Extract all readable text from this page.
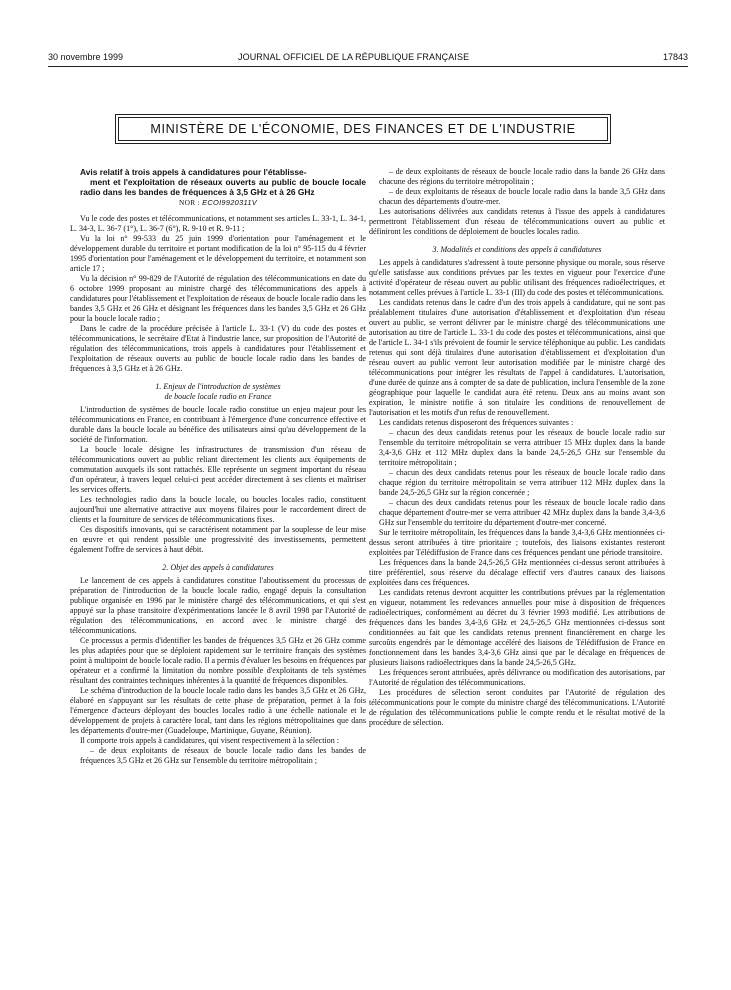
30 novembre 1999	JOURNAL OFFICIEL DE LA RÉPUBLIQUE FRANÇAISE	17843
MINISTÈRE DE L'ÉCONOMIE, DES FINANCES ET DE L'INDUSTRIE

Avis relatif à trois appels à candidatures pour l'établisse-
ment et l'exploitation de réseaux ouverts au public de boucle locale radio dans les bandes de fréquences à 3,5 GHz et à 26 GHz

NOR : ECOI9920311V

Vu le code des postes et télécommunications, et notamment ses articles L. 33-1, L. 34-1, L. 34-3, L. 36-7 (1°), L. 36-7 (6°), R. 9-10 et R. 9-11 ;

Vu la loi n° 99-533 du 25 juin 1999 d'orientation pour l'aménagement et le développement durable du territoire et portant modification de la loi n° 95-115 du 4 février 1995 d'orientation pour l'aménagement et le développement du territoire, et notamment son article 17 ;

Vu la décision n° 99-829 de l'Autorité de régulation des télécommunications en date du 6 octobre 1999 proposant au ministre chargé des télécommunications des appels à candidatures pour l'établissement et l'exploitation de réseaux de boucle locale radio dans les bandes 3,5 GHz et 26 GHz et désignant les fréquences dans les bandes 3,5 GHz et 26 GHz pour la boucle locale radio ;

Dans le cadre de la procédure précisée à l'article L. 33-1 (V) du code des postes et télécommunications, le secrétaire d'Etat à l'industrie lance, sur proposition de l'Autorité de régulation des télécommunications, trois appels à candidatures pour l'établissement et l'exploitation de réseaux ouverts au public de boucle locale radio dans les bandes de fréquences à 3,5 GHz et à 26 GHz.

1. Enjeux de l'introduction de systèmes
de boucle locale radio en France

L'introduction de systèmes de boucle locale radio constitue un enjeu majeur pour les télécommunications en France, en contribuant à l'émergence d'une concurrence effective et durable dans la boucle locale au bénéfice des utilisateurs ainsi qu'au développement de la société de l'information.

La boucle locale désigne les infrastructures de transmission d'un réseau de télécommunications ouvert au public reliant directement les clients aux équipements de commutation auxquels ils sont rattachés. Elle représente un segment important du réseau d'un opérateur, à travers lequel celui-ci peut accéder directement à ses clients et maîtriser les services offerts.

Les technologies radio dans la boucle locale, ou boucles locales radio, constituent aujourd'hui une alternative attractive aux moyens filaires pour le raccordement direct de clients et la fourniture de services de télécommunications fixes.

Ces dispositifs innovants, qui se caractérisent notamment par la souplesse de leur mise en œuvre et qui rendent possible une progressivité des investissements, permettent également l'offre de services à haut débit.

2. Objet des appels à candidatures

Le lancement de ces appels à candidatures constitue l'aboutissement du processus de préparation de l'introduction de la boucle locale radio, engagé depuis la consultation publique organisée en 1996 par le ministère chargé des télécommunications, et qui s'est appuyé sur la phase transitoire d'expérimentations lancée le 8 avril 1998 par l'Autorité de régulation des télécommunications, en accord avec le ministre chargé des télécommunications.

Ce processus a permis d'identifier les bandes de fréquences 3,5 GHz et 26 GHz comme les plus adaptées pour que se déploient rapidement sur le territoire français des systèmes point à multipoint de boucle locale radio. Il a permis d'évaluer les besoins en fréquences par opérateur et a confirmé la limitation du nombre possible d'exploitants de tels systèmes résultant des contraintes techniques inhérentes à la quantité de fréquences disponibles.

Le schéma d'introduction de la boucle locale radio dans les bandes 3,5 GHz et 26 GHz, élaboré en s'appuyant sur les résultats de cette phase de préparation, permet à la fois l'émergence d'acteurs déployant des boucles locales radio à une échelle nationale et le développement de projets à caractère local, tant dans les régions métropolitaines que dans les départements d'outre-mer (Guadeloupe, Martinique, Guyane, Réunion).

Il comporte trois appels à candidatures, qui visent respectivement à la sélection :

– de deux exploitants de réseaux de boucle locale radio dans les bandes de fréquences 3,5 GHz et 26 GHz sur l'ensemble du territoire métropolitain ;

– de deux exploitants de réseaux de boucle locale radio dans la bande 26 GHz dans chacune des régions du territoire métropolitain ;

– de deux exploitants de réseaux de boucle locale radio dans la bande 3,5 GHz dans chacun des départements d'outre-mer.

Les autorisations délivrées aux candidats retenus à l'issue des appels à candidatures permettront l'établissement d'un réseau de télécommunications ouvert au public et définiront les conditions de déploiement de boucles locales radio.

3. Modalités et conditions des appels à candidatures

Les appels à candidatures s'adressent à toute personne physique ou morale, sous réserve qu'elle satisfasse aux conditions prévues par les textes en vigueur pour l'exercice d'une activité d'opérateur de réseau ouvert au public utilisant des fréquences radioélectriques, et notamment celles prévues à l'article L. 33-1 (III) du code des postes et télécommunications.

Les candidats retenus dans le cadre d'un des trois appels à candidature, qui ne sont pas préalablement titulaires d'une autorisation d'établissement et d'exploitation d'un réseau ouvert au public, se verront délivrer par le ministre chargé des télécommunications une autorisation au titre de l'article L. 33-1 du code des postes et télécommunications, ainsi que de l'article L. 34-1 s'ils prévoient de fournir le service téléphonique au public. Les candidats retenus qui sont déjà titulaires d'une autorisation d'établissement et d'exploitation d'un réseau ouvert au public verront leur autorisation modifiée par le ministre chargé des télécommunications pour intégrer les résultats de l'appel à candidatures. L'autorisation, d'une durée de quinze ans à compter de sa date de publication, inclura l'ensemble de la zone géographique pour laquelle le candidat aura été retenu. Deux ans au moins avant son expiration, le ministre notifie à son titulaire les conditions de renouvellement de l'autorisation et les motifs d'un refus de renouvellement.

Les candidats retenus disposeront des fréquences suivantes :

– chacun des deux candidats retenus pour les réseaux de boucle locale radio sur l'ensemble du territoire métropolitain se verra attribuer 15 MHz duplex dans la bande 3,4-3,6 GHz et 112 MHz duplex dans la bande 24,5-26,5 GHz sur l'ensemble du territoire métropolitain ;

– chacun des deux candidats retenus pour les réseaux de boucle locale radio dans chaque région du territoire métropolitain se verra attribuer 112 MHz duplex dans la bande 24,5-26,5 GHz sur la région concernée ;

– chacun des deux candidats retenus pour les réseaux de boucle locale radio dans chaque département d'outre-mer se verra attribuer 42 MHz duplex dans la bande 3,4-3,6 GHz sur l'ensemble du territoire du département d'outre-mer concerné.

Sur le territoire métropolitain, les fréquences dans la bande 3,4-3,6 GHz mentionnées ci-dessus seront attribuées à titre prioritaire ; toutefois, des liaisons existantes resteront exploitées par Télédiffusion de France dans ces fréquences pendant une période transitoire.

Les fréquences dans la bande 24,5-26,5 GHz mentionnées ci-dessus seront attribuées à titre préférentiel, sous réserve du décalage effectif vers d'autres canaux des liaisons exploitées dans ces fréquences.

Les candidats retenus devront acquitter les contributions prévues par la réglementation en vigueur, notamment les redevances annuelles pour mise à disposition de fréquences radioélectriques, conformément au décret du 3 février 1993 modifié. Les attributions de fréquences dans les bandes 3,4-3,6 GHz et 24,5-26,5 GHz mentionnées ci-dessus sont conditionnées au fait que les candidats retenus prennent financièrement en charge les surcoûts engendrés par le démontage accéléré des liaisons de Télédiffusion de France en fonctionnement dans les bandes 3,4-3,6 GHz ainsi que par le décalage en fréquences de plusieurs liaisons radioélectriques dans la bande 24,5-26,5 GHz.

Les fréquences seront attribuées, après délivrance ou modification des autorisations, par l'Autorité de régulation des télécommunications.

Les procédures de sélection seront conduites par l'Autorité de régulation des télécommunications pour le compte du ministre chargé des télécommunications. L'Autorité de régulation des télécommunications publie le compte rendu et le résultat motivé de la procédure de sélection.
